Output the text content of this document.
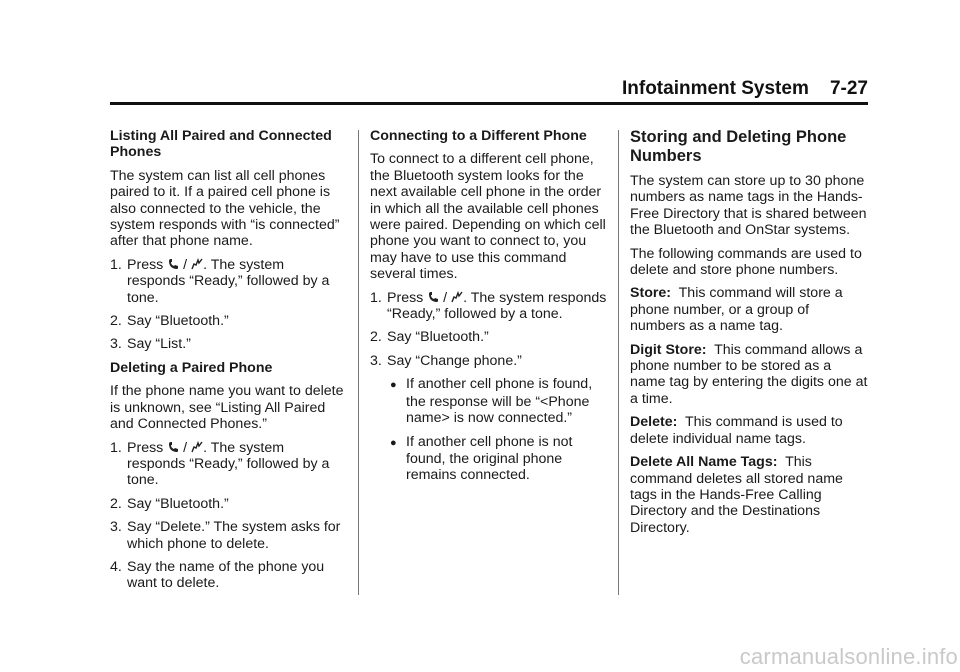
Infotainment System    7-27
Listing All Paired and Connected Phones

The system can list all cell phones paired to it. If a paired cell phone is also connected to the vehicle, the system responds with “is connected” after that phone name.

1. Press / . The system responds “Ready,” followed by a tone.
2. Say “Bluetooth.”
3. Say “List.”
Deleting a Paired Phone

If the phone name you want to delete is unknown, see “Listing All Paired and Connected Phones.”

1. Press / . The system responds “Ready,” followed by a tone.
2. Say “Bluetooth.”
3. Say “Delete.” The system asks for which phone to delete.
4. Say the name of the phone you want to delete.
Connecting to a Different Phone

To connect to a different cell phone, the Bluetooth system looks for the next available cell phone in the order in which all the available cell phones were paired. Depending on which cell phone you want to connect to, you may have to use this command several times.

1. Press / . The system responds “Ready,” followed by a tone.
2. Say “Bluetooth.”
3. Say “Change phone.”
● If another cell phone is found, the response will be “<Phone name> is now connected.”
● If another cell phone is not found, the original phone remains connected.
Storing and Deleting Phone Numbers

The system can store up to 30 phone numbers as name tags in the Hands-Free Directory that is shared between the Bluetooth and OnStar systems.

The following commands are used to delete and store phone numbers.

Store: This command will store a phone number, or a group of numbers as a name tag.

Digit Store: This command allows a phone number to be stored as a name tag by entering the digits one at a time.

Delete: This command is used to delete individual name tags.

Delete All Name Tags: This command deletes all stored name tags in the Hands-Free Calling Directory and the Destinations Directory.

carmanualsonline.info
